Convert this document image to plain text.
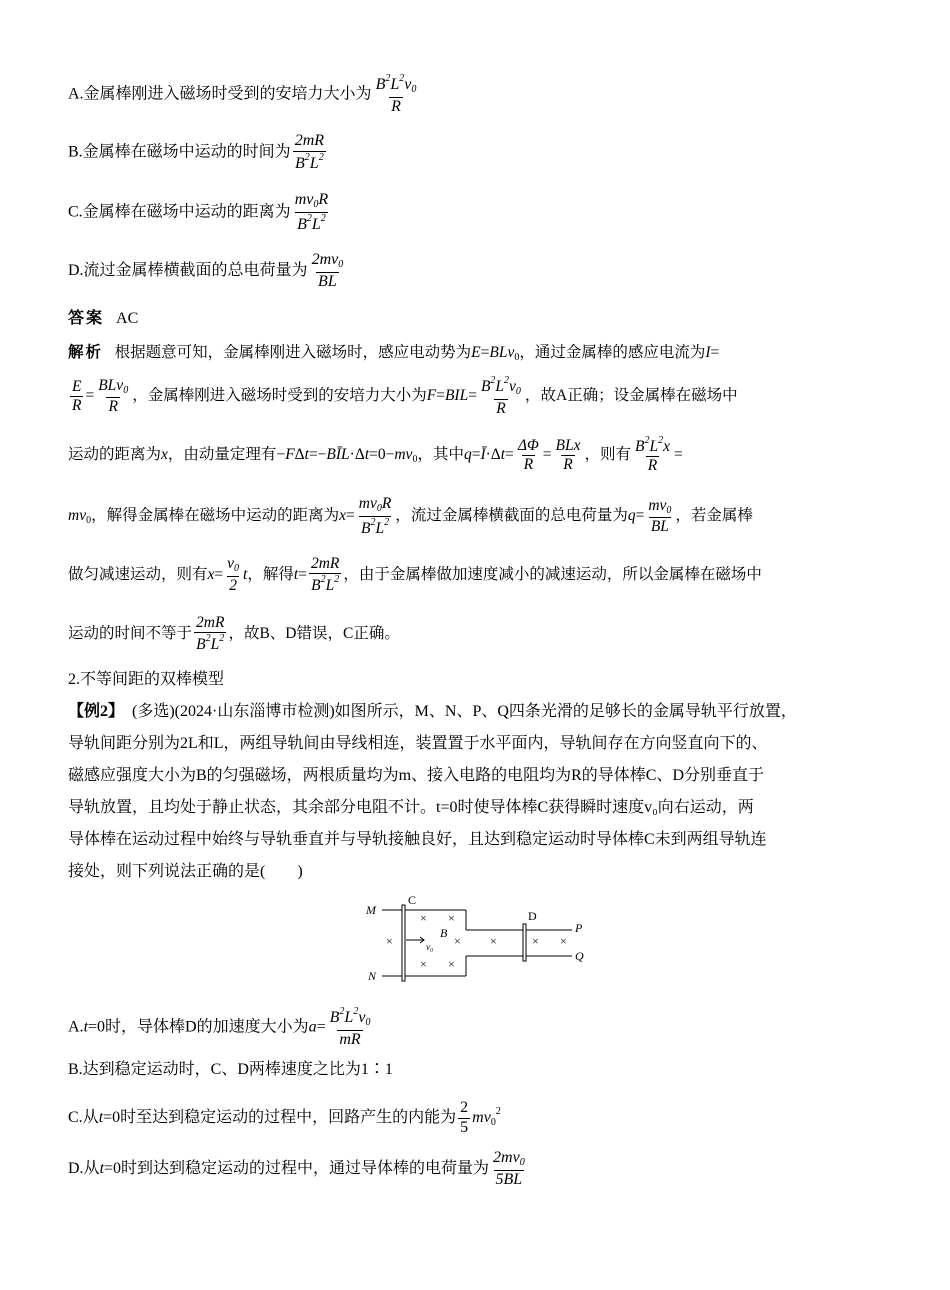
A.金属棒刚进入磁场时受到的安培力大小为 $\frac{B^2L^2v_0}{R}$
B.金属棒在磁场中运动的时间为 $\frac{2mR}{B^2L^2}$
C.金属棒在磁场中运动的距离为 $\frac{mv_0R}{B^2L^2}$
D.流过金属棒横截面的总电荷量为 $\frac{2mv_0}{BL}$
答案 AC
解析 根据题意可知，金属棒刚进入磁场时，感应电动势为E=BLv$_0$，通过金属棒的感应电流为I=
$\frac{E}{R}$ =
BLv$_0$
R
，金属棒刚进入磁场时受到的安培力大小为$F=BIL= \frac{B^2L^2v_0}{R}$ ，故A正确；设金属棒在磁场中
运动的距离为x，由动量定理有$-F\Delta t=-BĪL\cdot\Delta t=0-mv_0$，其中q=Ī·Δt= $\frac{\Delta\Phi}{R}$ =
BLx
R
，则有 $\frac{B^2L^2x}{R}$ =
$mv_0$，解得金属棒在磁场中运动的距离为$x= \frac{mv_0R}{B^2L^2}$ ，流过金属棒横截面的总电荷量为$q= \frac{mv_0}{BL}$ ，若金属棒
做匀减速运动，则有$x= \frac{v_0}{2}$ t，解得$t= \frac{2mR}{B^2L^2}$ ，由于金属棒做加速度减小的减速运动，所以金属棒在磁场中
运动的时间不等于 $\frac{2mR}{B^2L^2}$ ，故B、D错误，C正确。
2.不等间距的双棒模型
【例2】 (多选)(2024·山东淄博市检测)如图所示，M、N、P、Q四条光滑的足够长的金属导轨平行放置，
导轨间距分别为2L和L，两组导轨间由导线相连，装置置于水平面内，导轨间存在方向竖直向下的、
磁感应强度大小为B的匀强磁场，两根质量均为m、接入电路的电阻均为R的导体棒C、D分别垂直于
导轨放置，且均处于静止状态，其余部分电阻不计。t=0时使导体棒C获得瞬时速度v₀向右运动，两
导体棒在运动过程中始终与导轨垂直并与导轨接触良好，且达到稳定运动时导体棒C未到两组导轨连
接处，则下列说法正确的是(　　)
M
N
P
Q
B
v₀
C
D
× ×
×	× ×	× ×
× ×
A.t=0时，导体棒D的加速度大小为$a= \frac{B^2L^2v_0}{mR}$
B.达到稳定运动时，C、D两棒速度之比为1∶1
C.从t=0时至达到稳定运动的过程中，回路产生的内能为 $\frac{2}{5} mv_0^2$
D.从t=0时到达到稳定运动的过程中，通过导体棒的电荷量为 $\frac{2mv_0}{5BL}$
